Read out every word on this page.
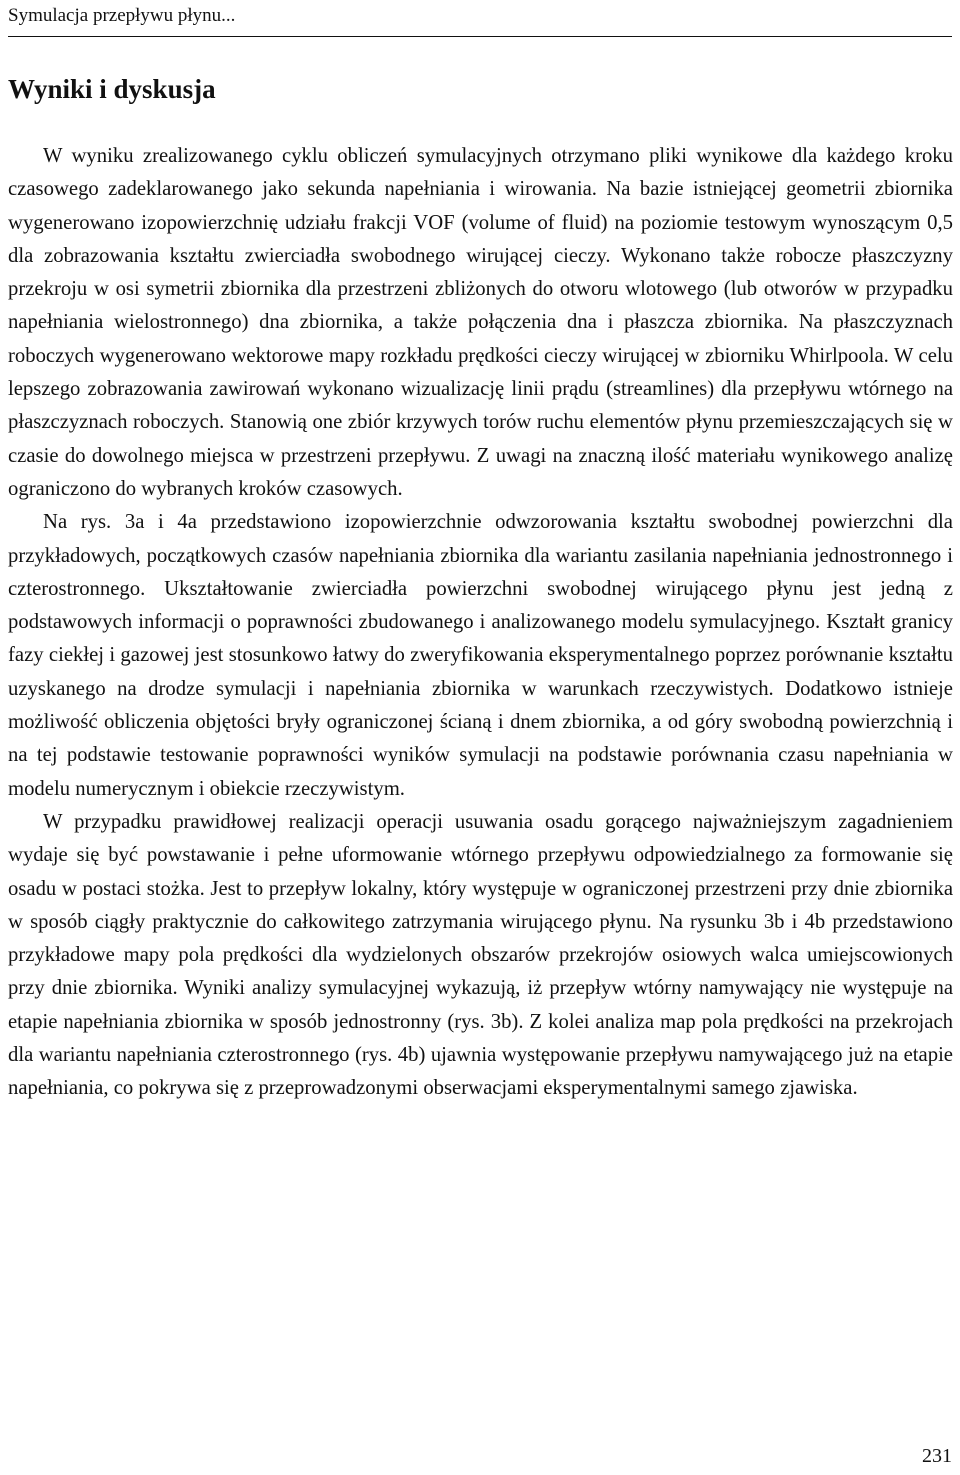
Symulacja przepływu płynu...
Wyniki i dyskusja

W wyniku zrealizowanego cyklu obliczeń symulacyjnych otrzymano pliki wynikowe dla każdego kroku czasowego zadeklarowanego jako sekunda napełniania i wirowania. Na bazie istniejącej geometrii zbiornika wygenerowano izopowierzchnię udziału frakcji VOF (volume of fluid) na poziomie testowym wynoszącym 0,5 dla zobrazowania kształtu zwierciadła swobodnego wirującej cieczy. Wykonano także robocze płaszczyzny przekroju w osi symetrii zbiornika dla przestrzeni zbliżonych do otworu wlotowego (lub otworów w przypadku napełniania wielostronnego) dna zbiornika, a także połączenia dna i płaszcza zbiornika. Na płaszczyznach roboczych wygenerowano wektorowe mapy rozkładu prędkości cieczy wirującej w zbiorniku Whirlpoola. W celu lepszego zobrazowania zawirowań wykonano wizualizację linii prądu (streamlines) dla przepływu wtórnego na płaszczyznach roboczych. Stanowią one zbiór krzywych torów ruchu elementów płynu przemieszczających się w czasie do dowolnego miejsca w przestrzeni przepływu. Z uwagi na znaczną ilość materiału wynikowego analizę ograniczono do wybranych kroków czasowych.

Na rys. 3a i 4a przedstawiono izopowierzchnie odwzorowania kształtu swobodnej powierzchni dla przykładowych, początkowych czasów napełniania zbiornika dla wariantu zasilania napełniania jednostronnego i czterostronnego. Ukształtowanie zwierciadła powierzchni swobodnej wirującego płynu jest jedną z podstawowych informacji o poprawności zbudowanego i analizowanego modelu symulacyjnego. Kształt granicy fazy ciekłej i gazowej jest stosunkowo łatwy do zweryfikowania eksperymentalnego poprzez porównanie kształtu uzyskanego na drodze symulacji i napełniania zbiornika w warunkach rzeczywistych. Dodatkowo istnieje możliwość obliczenia objętości bryły ograniczonej ścianą i dnem zbiornika, a od góry swobodną powierzchnią i na tej podstawie testowanie poprawności wyników symulacji na podstawie porównania czasu napełniania w modelu numerycznym i obiekcie rzeczywistym.

W przypadku prawidłowej realizacji operacji usuwania osadu gorącego najważniejszym zagadnieniem wydaje się być powstawanie i pełne uformowanie wtórnego przepływu odpowiedzialnego za formowanie się osadu w postaci stożka. Jest to przepływ lokalny, który występuje w ograniczonej przestrzeni przy dnie zbiornika w sposób ciągły praktycznie do całkowitego zatrzymania wirującego płynu. Na rysunku 3b i 4b przedstawiono przykładowe mapy pola prędkości dla wydzielonych obszarów przekrojów osiowych walca umiejscowionych przy dnie zbiornika. Wyniki analizy symulacyjnej wykazują, iż przepływ wtórny namywający nie występuje na etapie napełniania zbiornika w sposób jednostronny (rys. 3b). Z kolei analiza map pola prędkości na przekrojach dla wariantu napełniania czterostronnego (rys. 4b) ujawnia występowanie przepływu namywającego już na etapie napełniania, co pokrywa się z przeprowadzonymi obserwacjami eksperymentalnymi samego zjawiska.

231
